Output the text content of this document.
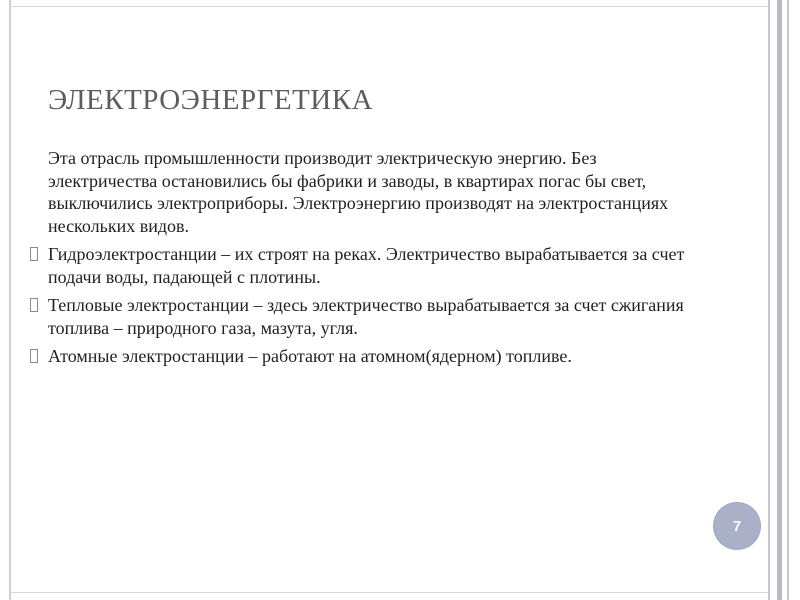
ЭЛЕКТРОЭНЕРГЕТИКА

Эта отрасль промышленности производит электрическую энергию. Без электричества остановились бы фабрики и заводы, в квартирах погас бы свет, выключились электроприборы. Электроэнергию производят на электростанциях нескольких видов.

Гидроэлектростанции – их строят на реках. Электричество вырабатывается за счет подачи воды, падающей с плотины.

Тепловые электростанции – здесь электричество вырабатывается за счет сжигания топлива – природного газа, мазута, угля.

Атомные электростанции – работают на атомном(ядерном) топливе.

7
